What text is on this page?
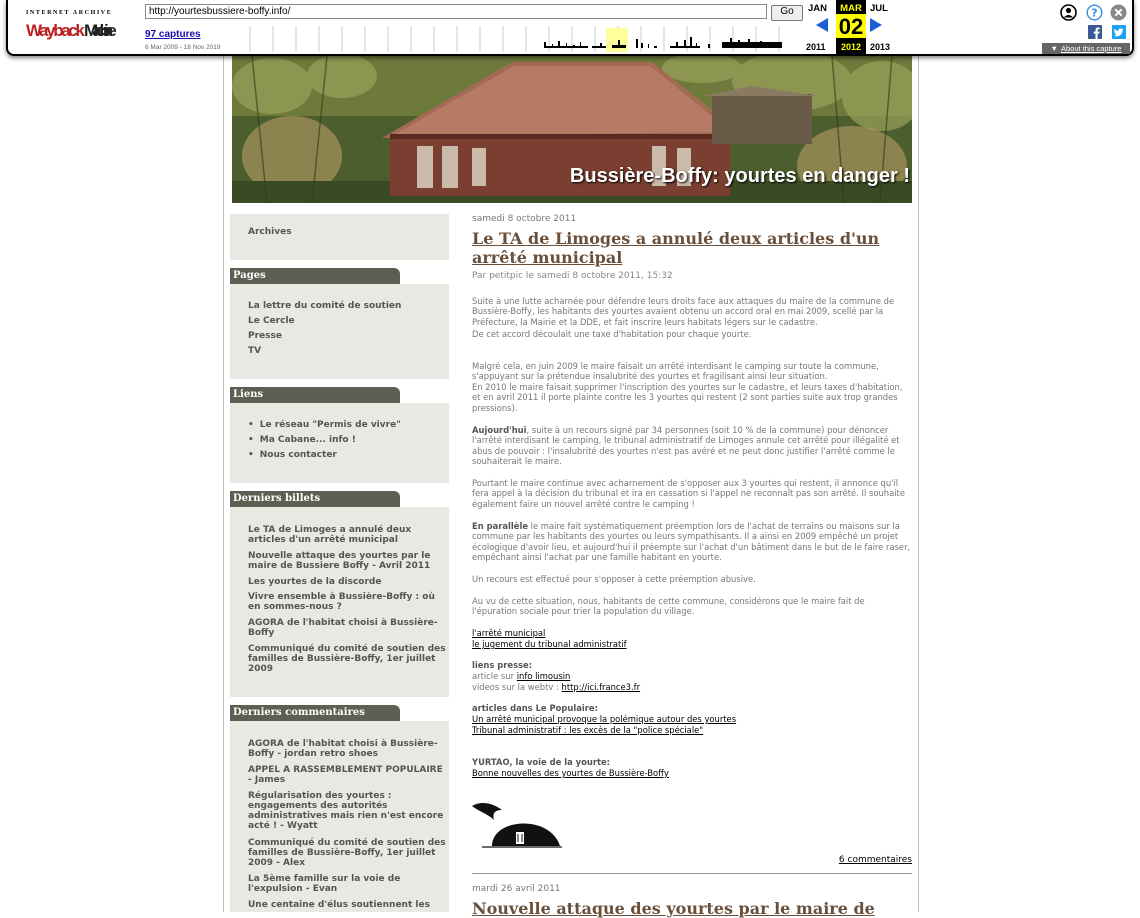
INTERNET ARCHIVE
Wayback Machine
http://yourtesbussiere-boffy.info/	Go
97 captures
6 Mar 2009 - 18 Nov 2019
JAN	JUL
2011	2013
MAR
02
2012
?
▼ About this capture
Bussière-Boffy: yourtes en danger !
Archives
Pages
La lettre du comité de soutien
Le Cercle
Presse
TV
Liens
• Le réseau "Permis de vivre"
• Ma Cabane... info !
• Nous contacter
Derniers billets
Le TA de Limoges a annulé deux articles d'un arrêté municipal
Nouvelle attaque des yourtes par le maire de Bussiere Boffy - Avril 2011
Les yourtes de la discorde
Vivre ensemble à Bussière-Boffy : où en sommes-nous ?
AGORA de l'habitat choisi à Bussière-Boffy
Communiqué du comité de soutien des familles de Bussière-Boffy, 1er juillet 2009
Derniers commentaires
AGORA de l'habitat choisi à Bussière-Boffy - jordan retro shoes
APPEL A RASSEMBLEMENT POPULAIRE - James
Régularisation des yourtes : engagements des autorités administratives mais rien n'est encore acté ! - Wyatt
Communiqué du comité de soutien des familles de Bussière-Boffy, 1er juillet 2009 - Alex
La 5ème famille sur la voie de l'expulsion - Evan
Une centaine d'élus soutiennent les
samedi 8 octobre 2011
Le TA de Limoges a annulé deux articles d'un arrêté municipal
Par petitpic le samedi 8 octobre 2011, 15:32
Suite à une lutte acharnée pour défendre leurs droits face aux attaques du maire de la commune de Bussière-Boffy, les habitants des yourtes avaient obtenu un accord oral en mai 2009, scellé par la Préfecture, la Mairie et la DDE, et fait inscrire leurs habitats légers sur le cadastre.
De cet accord découlait une taxe d'habitation pour chaque yourte.
Malgré cela, en juin 2009 le maire faisait un arrêté interdisant le camping sur toute la commune, s'appuyant sur la prétendue insalubrité des yourtes et fragilisant ainsi leur situation.
En 2010 le maire faisait supprimer l'inscription des yourtes sur le cadastre, et leurs taxes d'habitation, et en avril 2011 il porte plainte contre les 3 yourtes qui restent (2 sont parties suite aux trop grandes pressions).
Aujourd'hui, suite à un recours signé par 34 personnes (soit 10 % de la commune) pour dénoncer l'arrêté interdisant le camping, le tribunal administratif de Limoges annule cet arrêté pour illégalité et abus de pouvoir : l'insalubrité des yourtes n'est pas avéré et ne peut donc justifier l'arrêté comme le souhaiterait le maire.
Pourtant le maire continue avec acharnement de s'opposer aux 3 yourtes qui restent, il annonce qu'il fera appel à la décision du tribunal et ira en cassation si l'appel ne reconnaît pas son arrêté. Il souhaite également faire un nouvel arrêté contre le camping !
En parallèle le maire fait systématiquement préemption lors de l'achat de terrains ou maisons sur la commune par les habitants des yourtes ou leurs sympathisants. Il a ainsi en 2009 empêché un projet écologique d'avoir lieu, et aujourd'hui il préempte sur l'achat d'un bâtiment dans le but de le faire raser, empêchant ainsi l'achat par une famille habitant en yourte.
Un recours est effectué pour s'opposer à cette préemption abusive.
Au vu de cette situation, nous, habitants de cette commune, considérons que le maire fait de l'épuration sociale pour trier la population du village.
l'arrêté municipal
le jugement du tribunal administratif
liens presse:
article sur info limousin
videos sur la webtv : http://ici.france3.fr
articles dans Le Populaire:
Un arrêté municipal provoque la polémique autour des yourtes
Tribunal administratif : les excès de la "police spéciale"
YURTAO, la voie de la yourte:
Bonne nouvelles des yourtes de Bussière-Boffy
6 commentaires
mardi 26 avril 2011
Nouvelle attaque des yourtes par le maire de
